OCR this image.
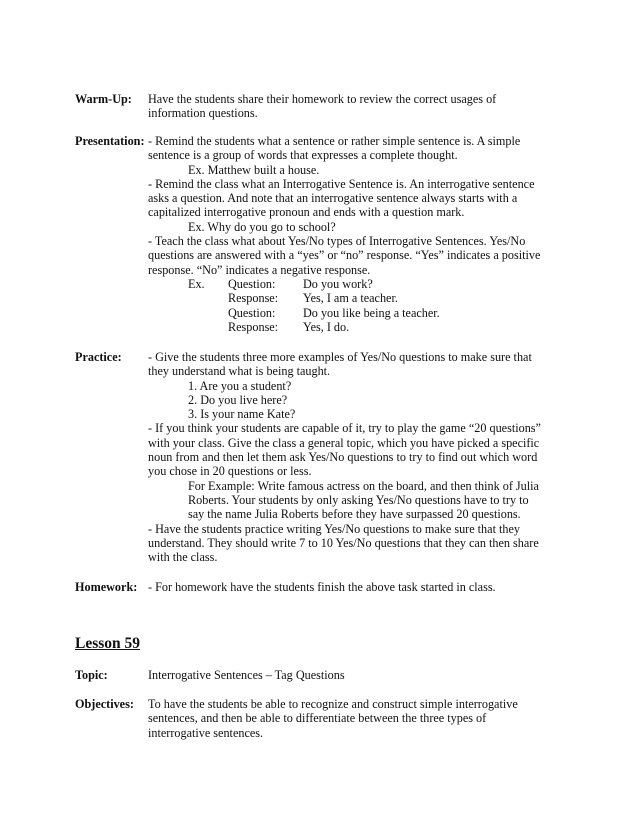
Warm-Up: Have the students share their homework to review the correct usages of
information questions.
Presentation: - Remind the students what a sentence or rather simple sentence is. A simple
sentence is a group of words that expresses a complete thought.
Ex. Matthew built a house.
- Remind the class what an Interrogative Sentence is. An interrogative sentence
asks a question. And note that an interrogative sentence always starts with a
capitalized interrogative pronoun and ends with a question mark.
Ex. Why do you go to school?
- Teach the class what about Yes/No types of Interrogative Sentences. Yes/No
questions are answered with a “yes” or “no” response. “Yes” indicates a positive
response. “No” indicates a negative response.
Ex.	Question:	Do you work?
Response:	Yes, I am a teacher.
Question:	Do you like being a teacher.
Response:	Yes, I do.
Practice: - Give the students three more examples of Yes/No questions to make sure that
they understand what is being taught.
1. Are you a student?
2. Do you live here?
3. Is your name Kate?
- If you think your students are capable of it, try to play the game “20 questions”
with your class. Give the class a general topic, which you have picked a specific
noun from and then let them ask Yes/No questions to try to find out which word
you chose in 20 questions or less.
For Example: Write famous actress on the board, and then think of Julia
Roberts. Your students by only asking Yes/No questions have to try to
say the name Julia Roberts before they have surpassed 20 questions.
- Have the students practice writing Yes/No questions to make sure that they
understand. They should write 7 to 10 Yes/No questions that they can then share
with the class.
Homework: - For homework have the students finish the above task started in class.
Lesson 59
Topic:	Interrogative Sentences – Tag Questions
Objectives: To have the students be able to recognize and construct simple interrogative
sentences, and then be able to differentiate between the three types of
interrogative sentences.
